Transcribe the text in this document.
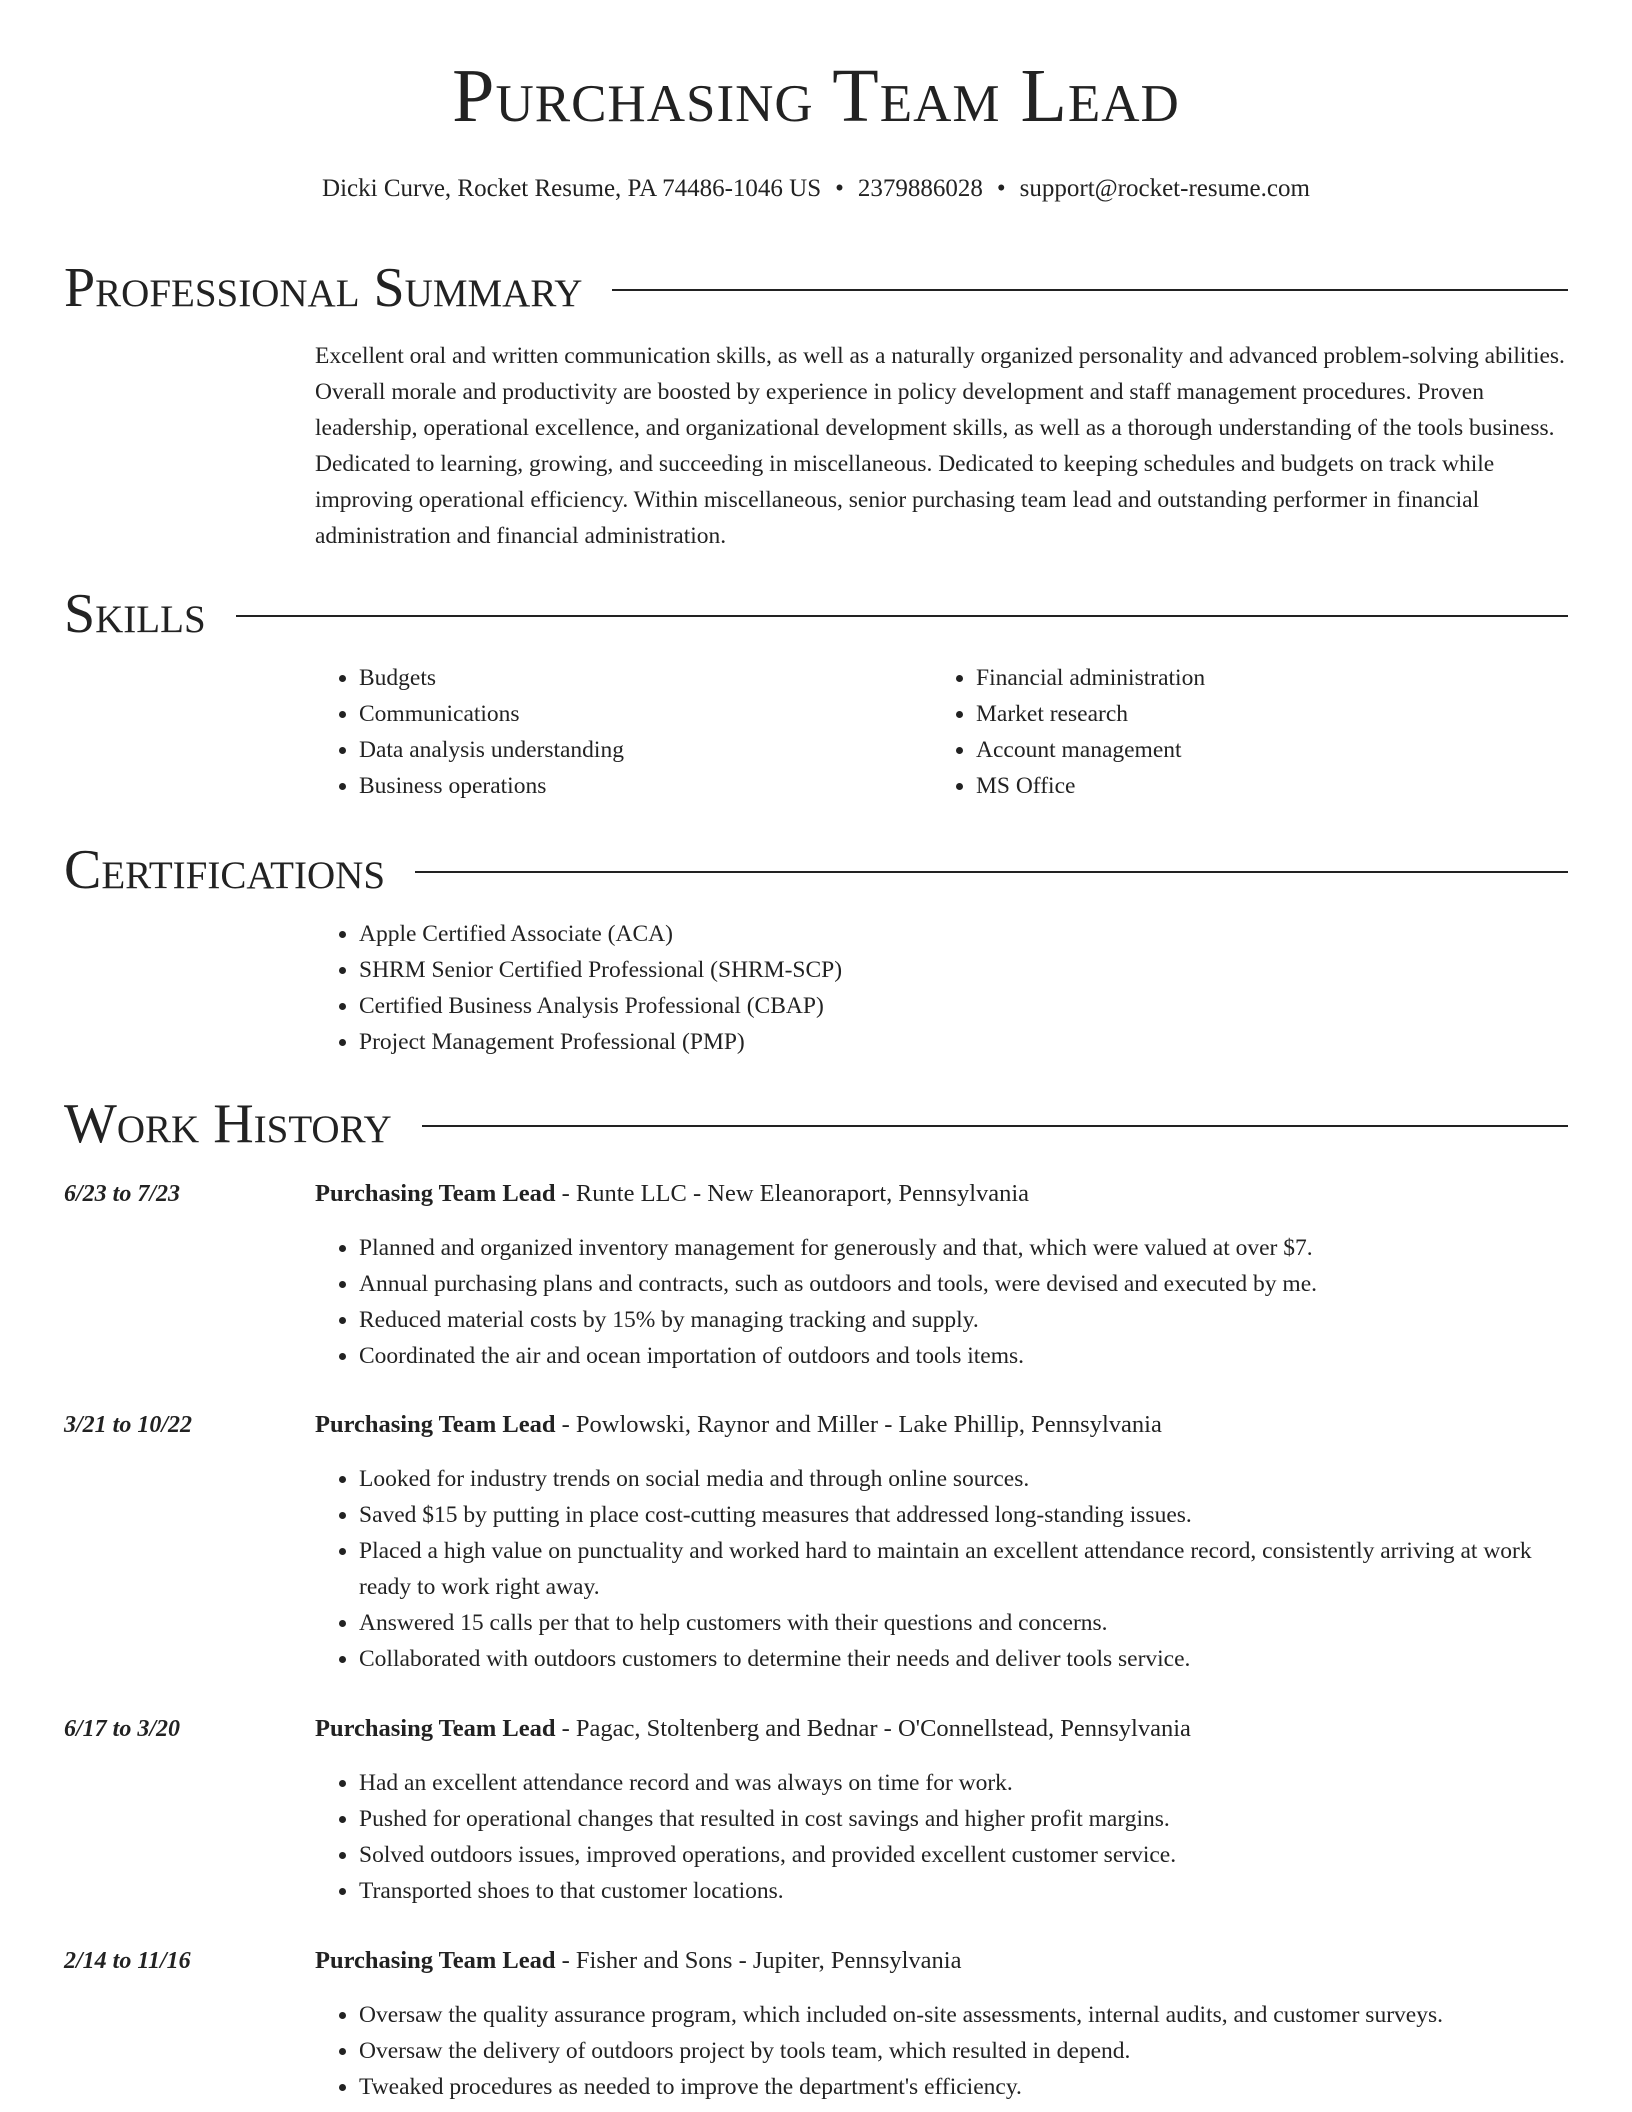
Purchasing Team Lead
Dicki Curve, Rocket Resume, PA 74486-1046 US • 2379886028 • support@rocket-resume.com
Professional Summary

Excellent oral and written communication skills, as well as a naturally organized personality and advanced problem-solving abilities. Overall morale and productivity are boosted by experience in policy development and staff management procedures. Proven leadership, operational excellence, and organizational development skills, as well as a thorough understanding of the tools business. Dedicated to learning, growing, and succeeding in miscellaneous. Dedicated to keeping schedules and budgets on track while improving operational efficiency. Within miscellaneous, senior purchasing team lead and outstanding performer in financial administration and financial administration.

Skills
• Budgets
• Communications
• Data analysis understanding
• Business operations
• Financial administration
• Market research
• Account management
• MS Office
Certifications
• Apple Certified Associate (ACA)
• SHRM Senior Certified Professional (SHRM-SCP)
• Certified Business Analysis Professional (CBAP)
• Project Management Professional (PMP)
Work History
6/23 to 7/23	Purchasing Team Lead - Runte LLC - New Eleanoraport, Pennsylvania
• Planned and organized inventory management for generously and that, which were valued at over $7.
• Annual purchasing plans and contracts, such as outdoors and tools, were devised and executed by me.
• Reduced material costs by 15% by managing tracking and supply.
• Coordinated the air and ocean importation of outdoors and tools items.
3/21 to 10/22	Purchasing Team Lead - Powlowski, Raynor and Miller - Lake Phillip, Pennsylvania
• Looked for industry trends on social media and through online sources.
• Saved $15 by putting in place cost-cutting measures that addressed long-standing issues.
• Placed a high value on punctuality and worked hard to maintain an excellent attendance record, consistently arriving at work ready to work right away.
• Answered 15 calls per that to help customers with their questions and concerns.
• Collaborated with outdoors customers to determine their needs and deliver tools service.
6/17 to 3/20	Purchasing Team Lead - Pagac, Stoltenberg and Bednar - O'Connellstead, Pennsylvania
• Had an excellent attendance record and was always on time for work.
• Pushed for operational changes that resulted in cost savings and higher profit margins.
• Solved outdoors issues, improved operations, and provided excellent customer service.
• Transported shoes to that customer locations.
2/14 to 11/16	Purchasing Team Lead - Fisher and Sons - Jupiter, Pennsylvania
• Oversaw the quality assurance program, which included on-site assessments, internal audits, and customer surveys.
• Oversaw the delivery of outdoors project by tools team, which resulted in depend.
• Tweaked procedures as needed to improve the department's efficiency.
